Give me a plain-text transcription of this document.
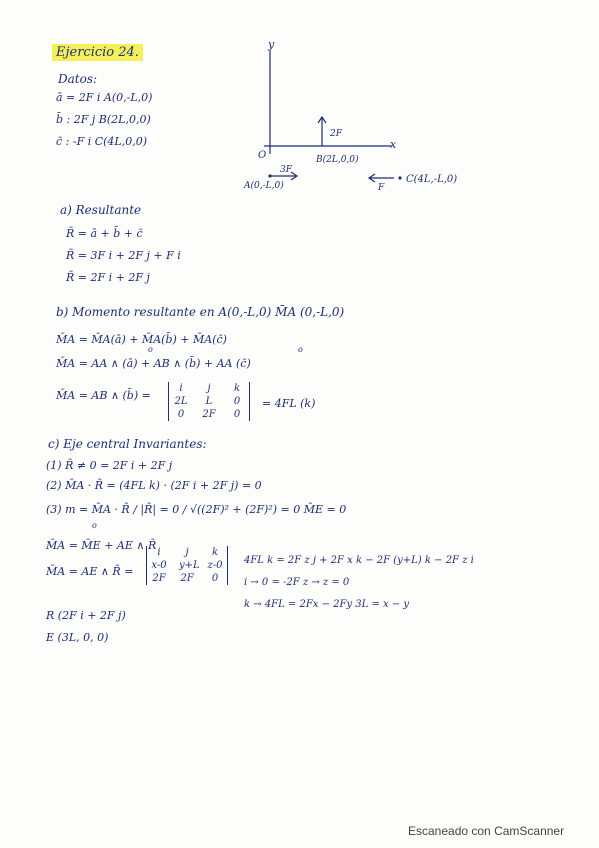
Ejercicio 24.
Datos:
ā = 2F i A(0,-L,0)
b̄ : 2F j B(2L,0,0)
c̄ : -F i C(4L,0,0)
y
x
O
2F
B(2L,0,0)
3F
A(0,-L,0)	F
C(4L,-L,0)
a) Resultante
R̄ = ā + b̄ + c̄
R̄ = 3F i + 2F j + F i
R̄ = 2F i + 2F j
b) Momento resultante en A(0,-L,0) M̄A (0,-L,0)
M̄A = M̄A(ā) + M̄A(b̄) + M̄A(c̄)
M̄A = AA ∧ (ā) + AB ∧ (b̄) + AA (c̄)
o	o
M̄A = AB ∧ (b̄) =
i	j	k
2L	L	0
0	2F	0
= 4FL (k)
c) Eje central Invariantes:
(1) R̄ ≠ 0 = 2F i + 2F j
(2) M̄A · R̄ = (4FL k) · (2F i + 2F j) = 0
(3) m = M̄A · R̄ / |R̄| = 0 / √((2F)² + (2F)²) = 0 M̄E = 0
o
M̄A = M̄E + AE ∧ R̄
M̄A = AE ∧ R̄ =
i	j	k
x-0 y+L z-0
2F 2F	0
4FL k = 2F z j + 2F x k − 2F (y+L) k − 2F z i
i → 0 = -2F z → z = 0
k → 4FL = 2Fx − 2Fy 3L = x − y
R (2F i + 2F j)
E (3L, 0, 0)
Escaneado con CamScanner
